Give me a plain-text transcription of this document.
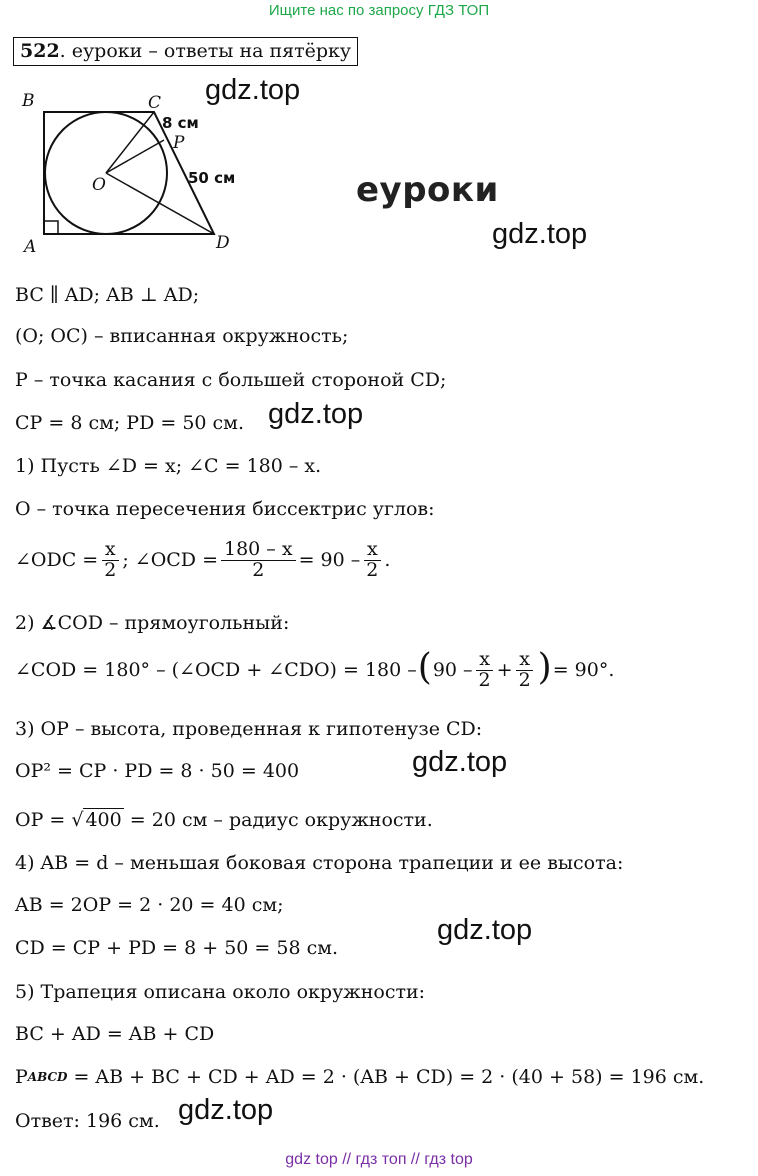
Ищите нас по запросу ГДЗ ТОП
522. еуроки – ответы на пятёрку
B	C
P
O
A	D
8 см
50 см
gdz.top
еуроки
gdz.top
BC ∥ AD; AB ⊥ AD;
(O; OC) – вписанная окружность;
P – точка касания с большей стороной CD;
CP = 8 см; PD = 50 см. gdz.top
1) Пусть ∠D = x; ∠C = 180 – x.
O – точка пересечения биссектрис углов:
∠ODC = $\frac{x}{2}$ ; ∠OCD = $\frac{180 - x}{2} = 90 - \frac{x}{2}$ .
2) ∡COD – прямоугольный:
∠COD = 180° – (∠OCD + ∠CDO) = 180 – ( $90 - \frac{x}{2} + \frac{x}{2}$ ) = 90°.
3) OP – высота, проведенная к гипотенузе CD:
OP² = CP · PD = 8 · 50 = 400	gdz.top
OP = √ 400 = 20 см – радиус окружности.
4) AB = d – меньшая боковая сторона трапеции и ее высота:
AB = 2OP = 2 · 20 = 40 см;
gdz.top
CD = CP + PD = 8 + 50 = 58 см.
5) Трапеция описана около окружности:
BC + AD = AB + CD
P ABCD = AB + BC + CD + AD = 2 · (AB + CD) = 2 · (40 + 58) = 196 см.
Ответ: 196 см. gdz.top
gdz top // гдз топ // гдз top
